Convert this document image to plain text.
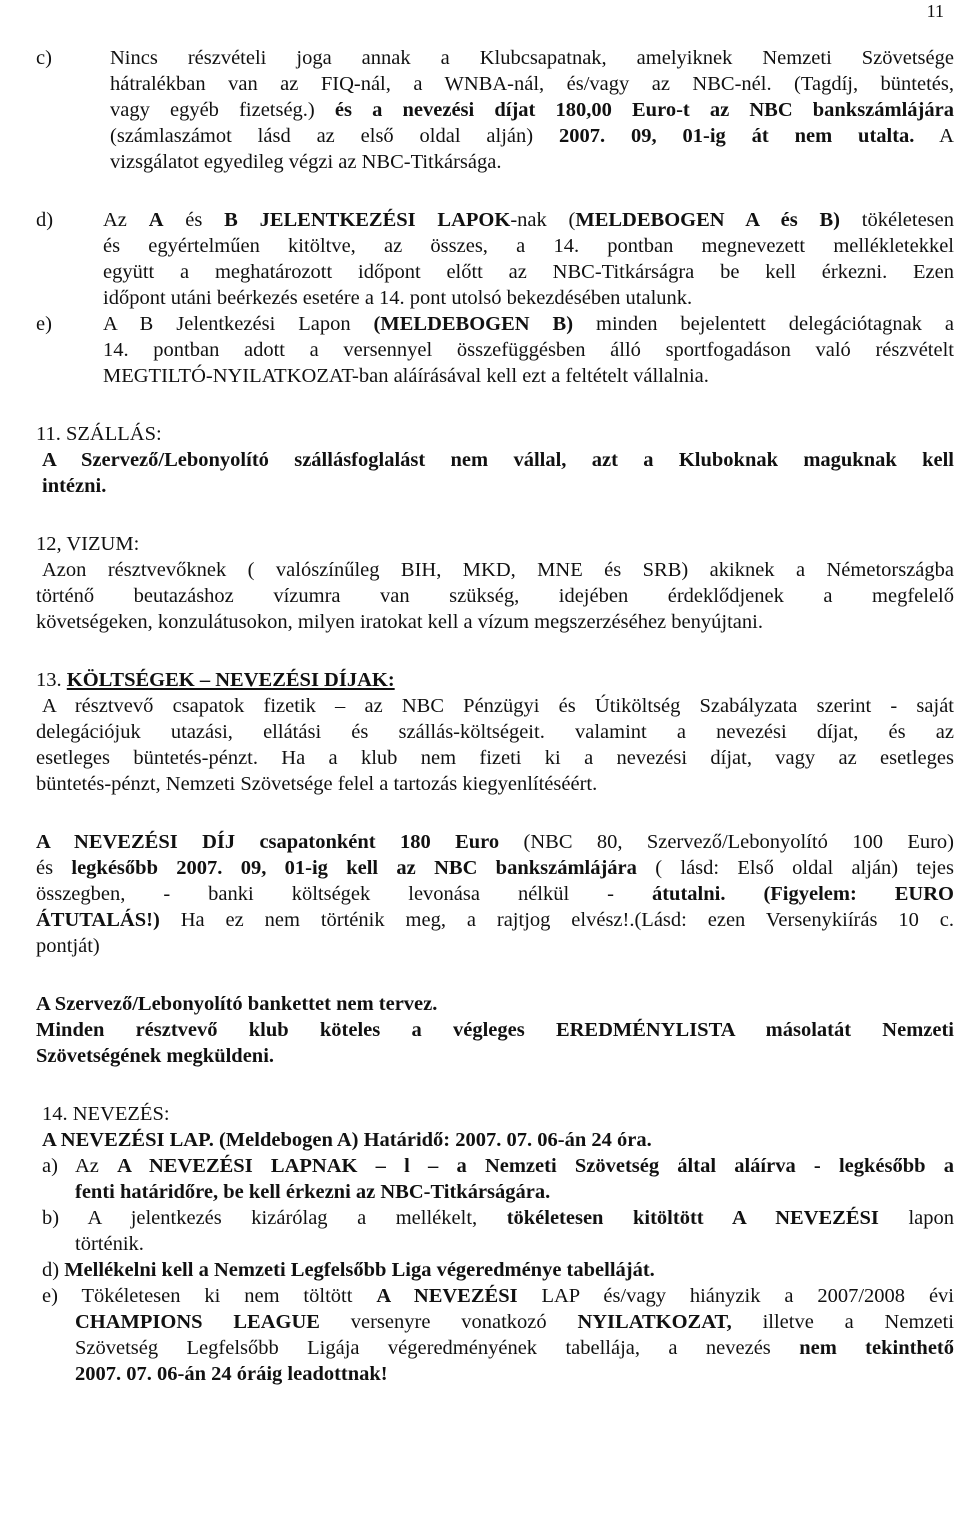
11
c)	Nincs részvételi joga annak a Klubcsapatnak, amelyiknek Nemzeti Szövetsége
hátralékban van az FIQ-nál, a WNBA-nál, és/vagy az NBC-nél. (Tagdíj, büntetés,
vagy egyéb fizetség.) és a nevezési díjat 180,00 Euro-t az NBC bankszámlájára
(számlaszámot lásd az első oldal alján) 2007. 09, 01-ig át nem utalta. A
vizsgálatot egyedileg végzi az NBC-Titkársága.
d) Az A és B JELENTKEZÉSI LAPOK-nak (MELDEBOGEN A és B) tökéletesen
és egyértelműen kitöltve, az összes, a 14. pontban megnevezett mellékletekkel
együtt a meghatározott időpont előtt az NBC-Titkárságra be kell érkezni. Ezen
időpont utáni beérkezés esetére a 14. pont utolsó bekezdésében utalunk.
e) A B Jelentkezési Lapon (MELDEBOGEN B) minden bejelentett delegációtagnak a
14. pontban adott a versennyel összefüggésben álló sportfogadáson való részvételt
MEGTILTÓ-NYILATKOZAT-ban aláírásával kell ezt a feltételt vállalnia.
11. SZÁLLÁS:
A Szervező/Lebonyolító szállásfoglalást nem vállal, azt a Kluboknak maguknak kell
intézni.
12, VIZUM:
Azon résztvevőknek ( valószínűleg BIH, MKD, MNE és SRB) akiknek a Németországba
történő beutazáshoz vízumra van szükség, idejében érdeklődjenek a megfelelő
követségeken, konzulátusokon, milyen iratokat kell a vízum megszerzéséhez benyújtani.
13. KÖLTSÉGEK – NEVEZÉSI DÍJAK:
A résztvevő csapatok fizetik – az NBC Pénzügyi és Útiköltség Szabályzata szerint - saját
delegációjuk utazási, ellátási és szállás-költségeit. valamint a nevezési díjat, és az
esetleges büntetés-pénzt. Ha a klub nem fizeti ki a nevezési díjat, vagy az esetleges
büntetés-pénzt, Nemzeti Szövetsége felel a tartozás kiegyenlítéséért.
A NEVEZÉSI DÍJ csapatonként 180 Euro (NBC 80, Szervező/Lebonyolító 100 Euro)
és legkésőbb 2007. 09, 01-ig kell az NBC bankszámlájára ( lásd: Első oldal alján) tejes
összegben, - banki költségek levonása nélkül - átutalni. (Figyelem: EURO
ÁTUTALÁS!) Ha ez nem történik meg, a rajtjog elvész!.(Lásd: ezen Versenykiírás 10 c.
pontját)
A Szervező/Lebonyolító bankettet nem tervez.
Minden résztvevő klub köteles a végleges EREDMÉNYLISTA másolatát Nemzeti
Szövetségének megküldeni.
14. NEVEZÉS:
A NEVEZÉSI LAP. (Meldebogen A) Határidő: 2007. 07. 06-án 24 óra.
a) Az A NEVEZÉSI LAPNAK – l – a Nemzeti Szövetség által aláírva - legkésőbb a
fenti határidőre, be kell érkezni az NBC-Titkárságára.
b) A jelentkezés kizárólag a mellékelt, tökéletesen kitöltött A NEVEZÉSI lapon
történik.
d) Mellékelni kell a Nemzeti Legfelsőbb Liga végeredménye tabelláját.
e) Tökéletesen ki nem töltött A NEVEZÉSI LAP és/vagy hiányzik a 2007/2008 évi
CHAMPIONS LEAGUE versenyre vonatkozó NYILATKOZAT, illetve a Nemzeti
Szövetség Legfelsőbb Ligája végeredményének tabellája, a nevezés nem tekinthető
2007. 07. 06-án 24 óráig leadottnak!
